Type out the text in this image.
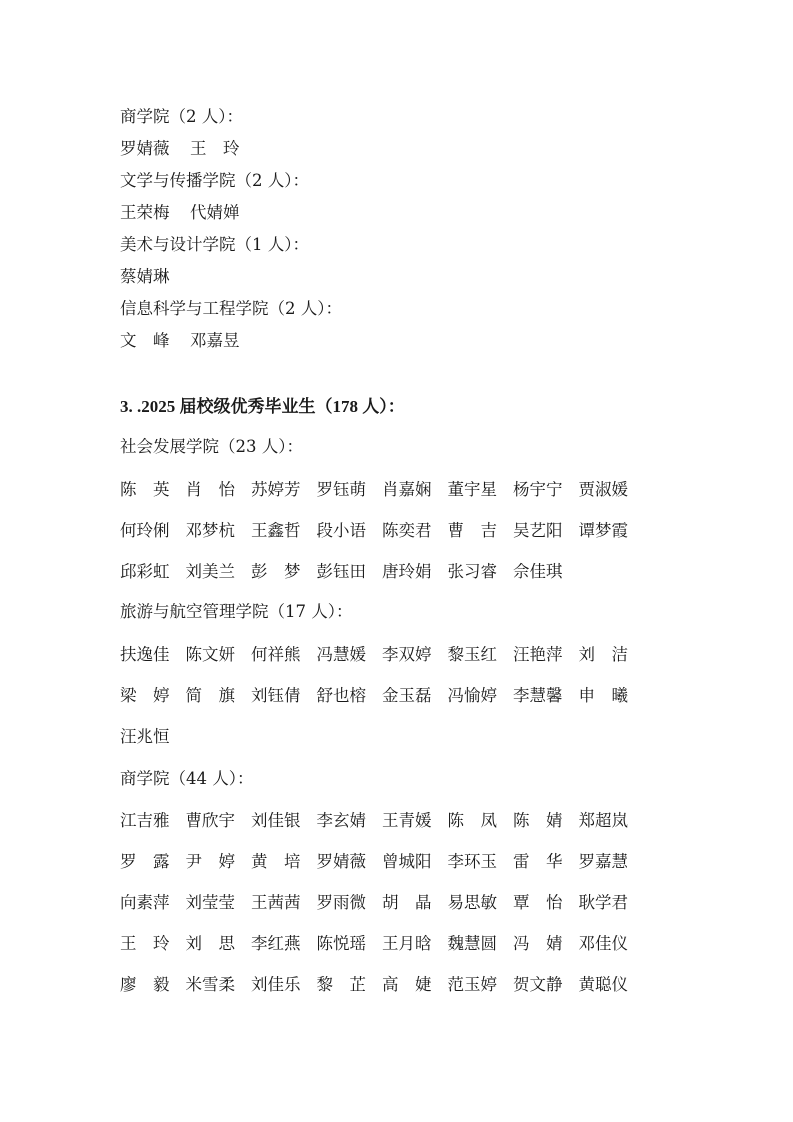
商学院（2 人）：
罗婧薇 王　玲
文学与传播学院（2 人）：
王荣梅 代婧婵
美术与设计学院（1 人）：
蔡婧琳
信息科学与工程学院（2 人）：
文　峰 邓嘉昱
3. .2025 届校级优秀毕业生（178 人）：
社会发展学院（23 人）：
陈　英 肖　怡 苏婷芳 罗钰萌 肖嘉娴 董宇星 杨宇宁 贾淑媛
何玲俐 邓梦杭 王鑫哲 段小语 陈奕君 曹　吉 吴艺阳 谭梦霞
邱彩虹 刘美兰 彭　梦 彭钰田 唐玲娟 张习睿 佘佳琪
旅游与航空管理学院（17 人）：
扶逸佳 陈文妍 何祥熊 冯慧媛 李双婷 黎玉红 汪艳萍 刘　洁
梁　婷 简　旗 刘钰倩 舒也榕 金玉磊 冯愉婷 李慧馨 申　曦
汪兆恒
商学院（44 人）：
江吉雅 曹欣宇 刘佳银 李玄婧 王青媛 陈　凤 陈　婧 郑超岚
罗　露 尹　婷 黄　培 罗婧薇 曾城阳 李环玉 雷　华 罗嘉慧
向素萍 刘莹莹 王茜茜 罗雨微 胡　晶 易思敏 覃　怡 耿学君
王　玲 刘　思 李红燕 陈悦瑶 王月晗 魏慧圆 冯　婧 邓佳仪
廖　毅 米雪柔 刘佳乐 黎　芷 高　婕 范玉婷 贺文静 黄聪仪
